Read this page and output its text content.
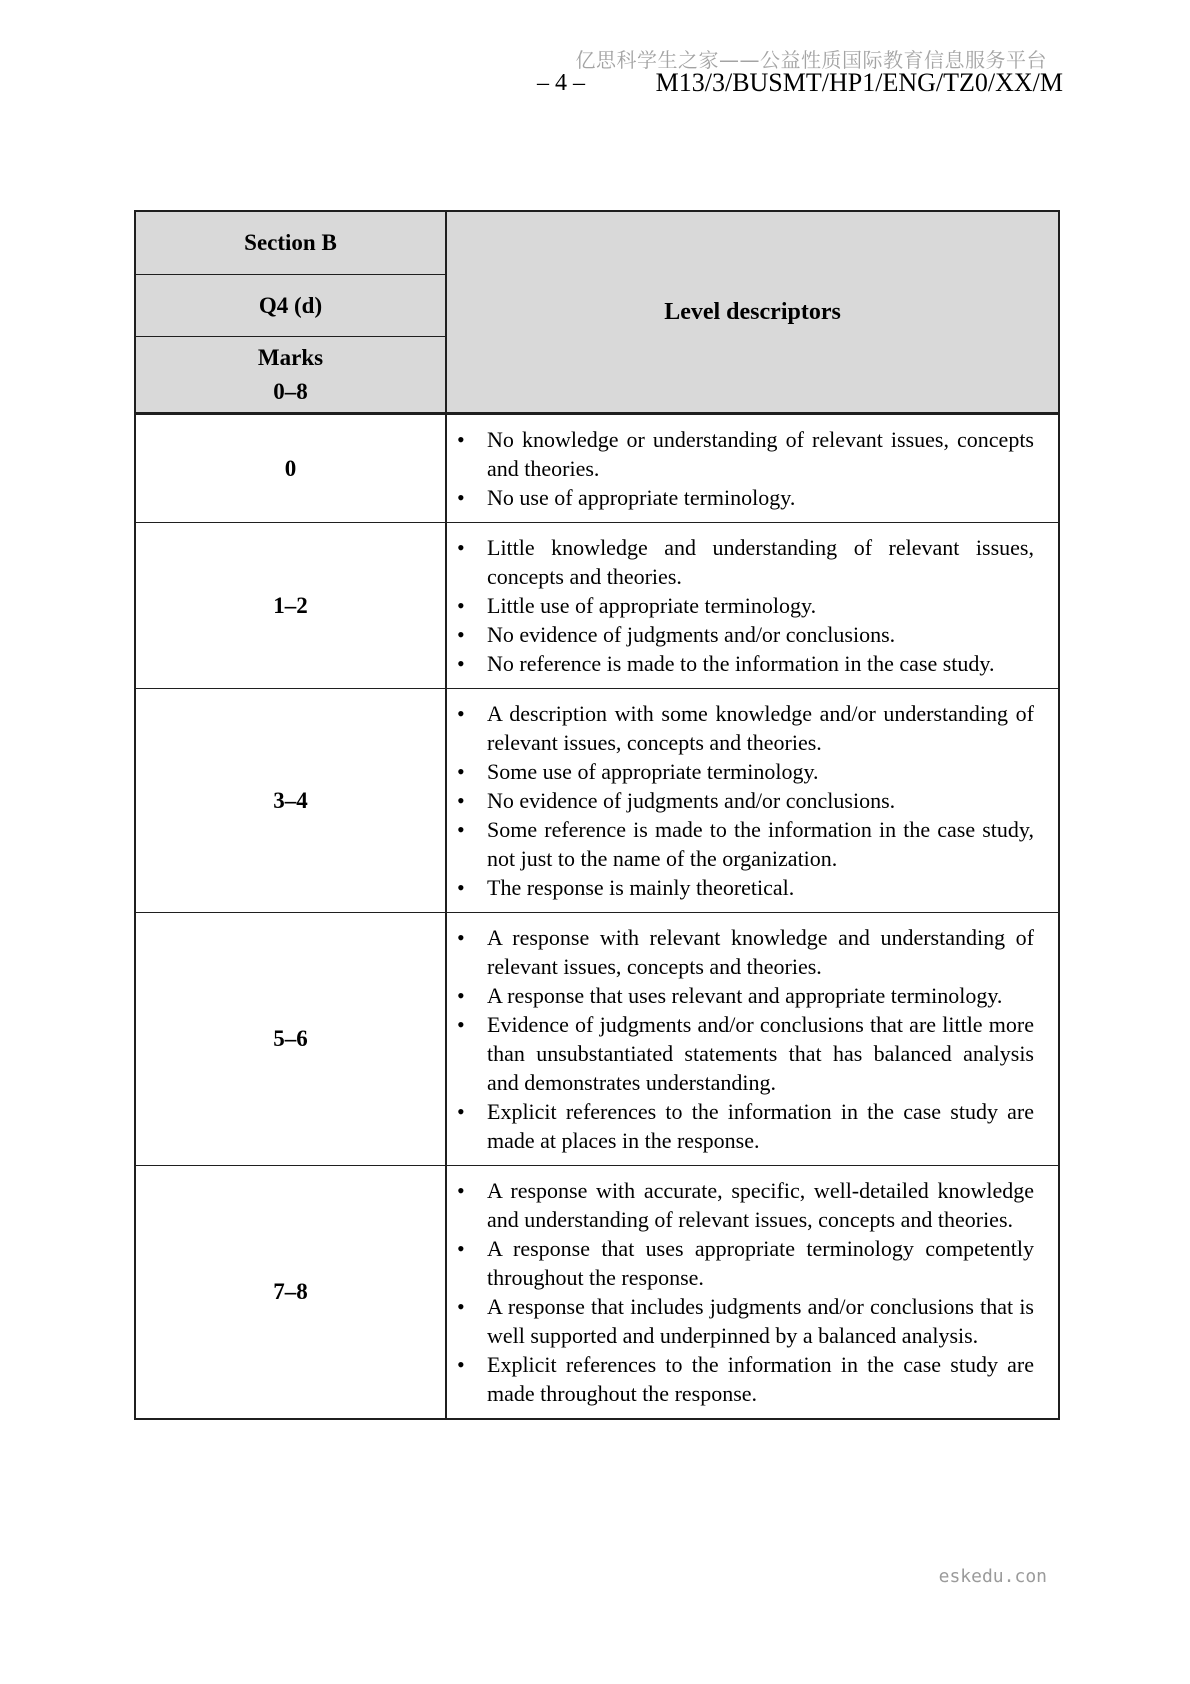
亿思科学生之家——公益性质国际教育信息服务平台
– 4 –	M13/3/BUSMT/HP1/ENG/TZ0/XX/M
Section B
Q4 (d)
Marks
0–8
Level descriptors
0
• No knowledge or understanding of relevant issues, concepts and theories.
• No use of appropriate terminology.
1–2
• Little knowledge and understanding of relevant issues, concepts and theories.
• Little use of appropriate terminology.
• No evidence of judgments and/or conclusions.
• No reference is made to the information in the case study.
3–4
• A description with some knowledge and/or understanding of relevant issues, concepts and theories.
• Some use of appropriate terminology.
• No evidence of judgments and/or conclusions.
• Some reference is made to the information in the case study, not just to the name of the organization.
• The response is mainly theoretical.
5–6
• A response with relevant knowledge and understanding of relevant issues, concepts and theories.
• A response that uses relevant and appropriate terminology.
• Evidence of judgments and/or conclusions that are little more than unsubstantiated statements that has balanced analysis and demonstrates understanding.
• Explicit references to the information in the case study are made at places in the response.
7–8
• A response with accurate, specific, well-detailed knowledge and understanding of relevant issues, concepts and theories.
• A response that uses appropriate terminology competently throughout the response.
• A response that includes judgments and/or conclusions that is well supported and underpinned by a balanced analysis.
• Explicit references to the information in the case study are made throughout the response.
eskedu.con
